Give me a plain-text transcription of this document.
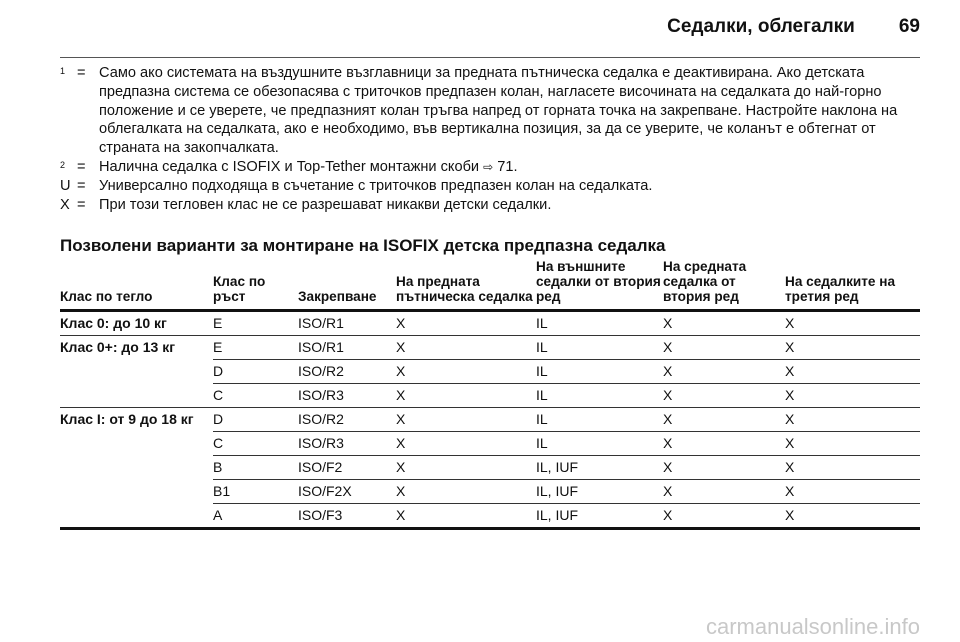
Седалки, облегалки 69
$^1$ = Само ако системата на въздушните възглавници за предната пътническа седалка е деактивирана. Ако детската предпазна система се обезопасява с триточков предпазен колан, нагласете височината на седалката до най-горно положение и се уверете, че предпазният колан тръгва напред от горната точка на закрепване. Настройте наклона на облегалката на седалката, ако е необходимо, във вертикална позиция, за да се уверите, че коланът е обтегнат от страната на закопчалката.
$^2$ = Налична седалка с ISOFIX и Top-Tether монтажни скоби ⇨ 71.
U = Универсално подходяща в съчетание с триточков предпазен колан на седалката.
X = При този тегловен клас не се разрешават никакви детски седалки.
Позволени варианти за монтиране на ISOFIX детска предпазна седалка
Клас по тегло	Клас по ръст	Закрепване	На предната пътническа седалка	На външните седалки от втория ред	На средната седалка от втория ред	На седалките на третия ред
Клас 0: до 10 кг	E	ISO/R1	X	IL	X	X
Клас 0+: до 13 кг	E	ISO/R1	X	IL	X	X
	D	ISO/R2	X	IL	X	X
	C	ISO/R3	X	IL	X	X
Клас I: от 9 до 18 кг	D	ISO/R2	X	IL	X	X
	C	ISO/R3	X	IL	X	X
	B	ISO/F2	X	IL, IUF	X	X
	B1	ISO/F2X	X	IL, IUF	X	X
	A	ISO/F3	X	IL, IUF	X	X
carmanualsonline.info
